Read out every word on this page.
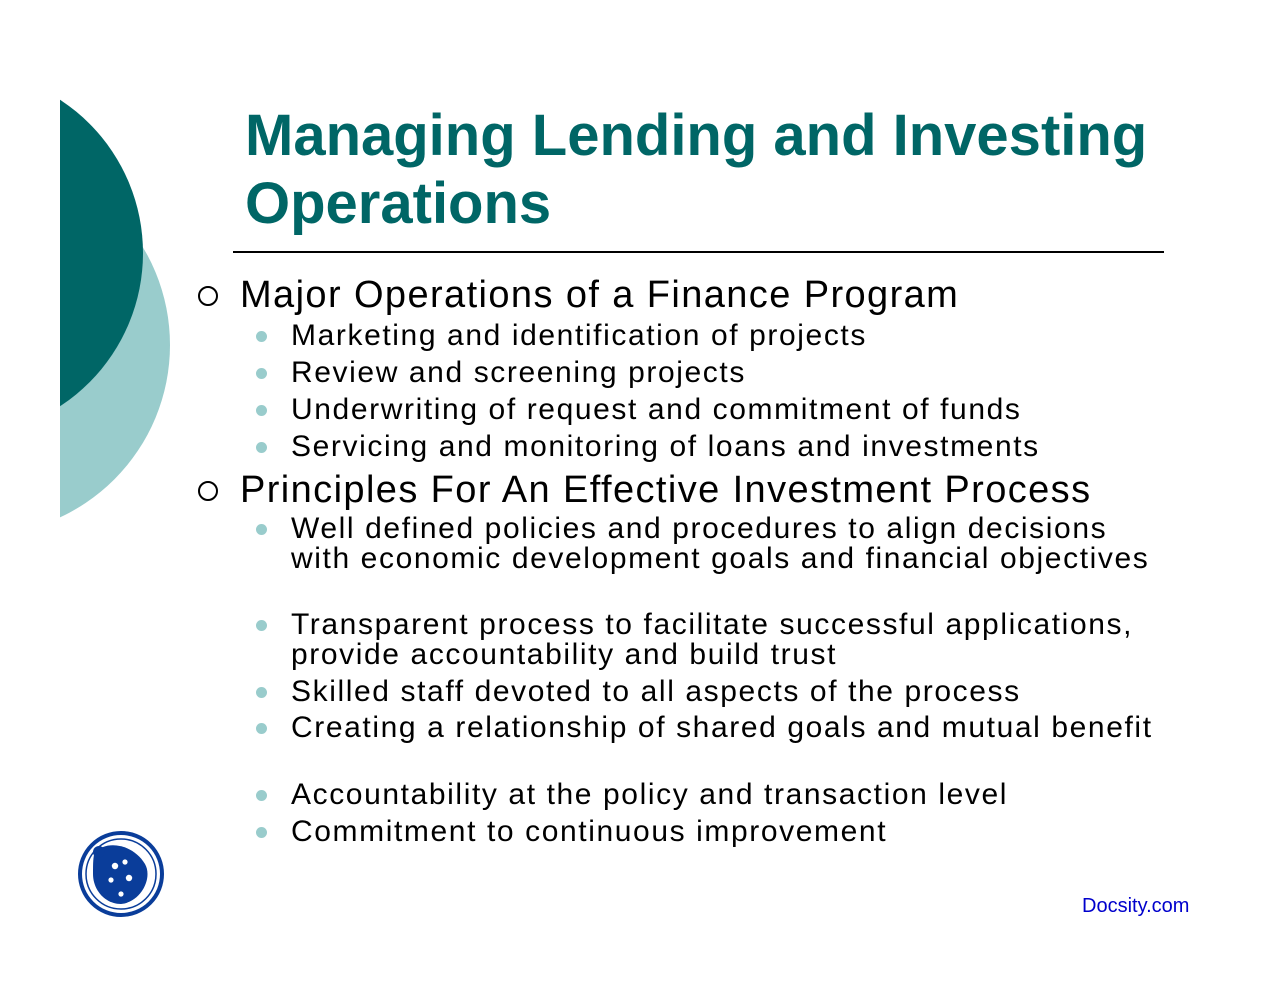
Managing Lending and Investing
Operations
Major Operations of a Finance Program
Marketing and identification of projects
Review and screening projects
Underwriting of request and commitment of funds
Servicing and monitoring of loans and investments
Principles For An Effective Investment Process
Well defined policies and procedures to align decisions with economic development goals and financial objectives
Transparent process to facilitate successful applications, provide accountability and build trust
Skilled staff devoted to all aspects of the process
Creating a relationship of shared goals and mutual benefit
Accountability at the policy and transaction level
Commitment to continuous improvement
Docsity.com
